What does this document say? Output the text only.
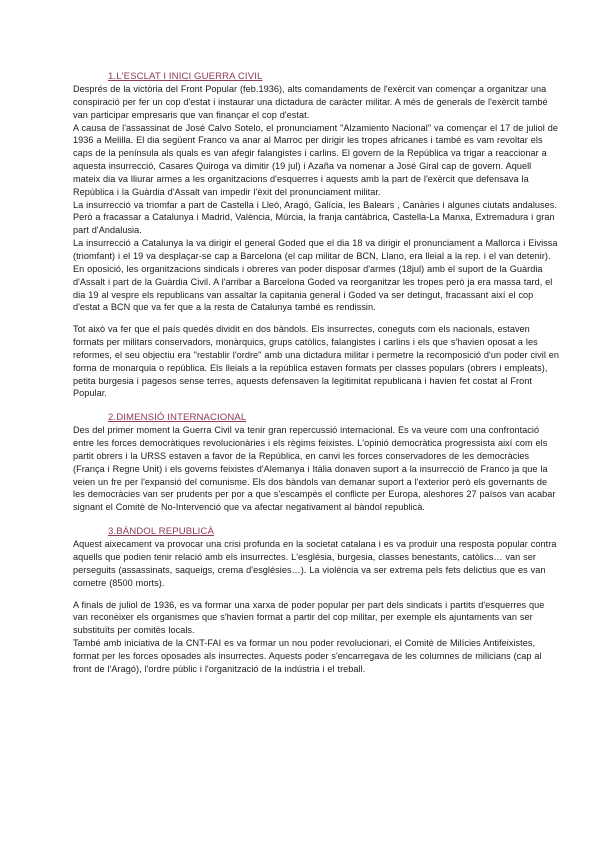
1.L'ESCLAT I INICI GUERRA CIVIL

Després de la victòria del Front Popular (feb.1936), alts comandaments de l'exèrcit van començar a organitzar una conspiració per fer un cop d'estat i instaurar una dictadura de caràcter militar. A més de generals de l'exèrcit també van participar empresaris que van finançar el cop d'estat.

A causa de l'assassinat de José Calvo Sotelo, el pronunciament "Alzamiento Nacional" va començar el 17 de juliol de 1936 a Melilla. El dia següent Franco va anar al Marroc per dirigir les tropes africanes i també es vam revoltar els caps de la península als quals es van afegir falangistes i carlins. El govern de la República va trigar a reaccionar a aquesta insurrecció, Casares Quiroga va dimitir (19 jul) i Azaña va nomenar a José Giral cap de govern. Aquell mateix dia va lliurar armes a les organitzacions d'esquerres i aquests amb la part de l'exèrcit que defensava la República i la Guàrdia d'Assalt van impedir l'èxit del pronunciament militar.

La insurrecció va triomfar a part de Castella i Lleó, Aragó, Galícia, les Balears , Canàries i algunes ciutats andaluses. Però a fracassar a Catalunya i Madrid, València, Múrcia, la franja cantàbrica, Castella-La Manxa, Extremadura i gran part d'Andalusia.

La insurrecció a Catalunya la va dirigir el general Goded que el dia 18 va dirigir el pronunciament a Mallorca i Eivissa (triomfant) i el 19 va desplaçar-se cap a Barcelona (el cap militar de BCN, Llano, era lleial a la rep. i el van detenir). En oposició, les organitzacions sindicals i obreres van poder disposar d'armes (18jul) amb el suport de la Guàrdia d'Assalt i part de la Guàrdia Civil. A l'arribar a Barcelona Goded va reorganitzar les tropes però ja era massa tard, el dia 19 al vespre els republicans van assaltar la capitania general i Goded va ser detingut, fracassant així el cop d'estat a BCN que va fer que a la resta de Catalunya també es rendissin.

Tot això va fer que el país quedés dividit en dos bàndols. Els insurrectes, coneguts com els nacionals, estaven formats per militars conservadors, monàrquics, grups catòlics, falangistes i carlins i els que s'havien oposat a les reformes, el seu objectiu era "restablir l'ordre" amb una dictadura militar i permetre la recomposició d'un poder civil en forma de monarquia o república. Els lleials a la república estaven formats per classes populars (obrers i empleats), petita burgesia i pagesos sense terres, aquests defensaven la legitimitat republicana i havien fet costat al Front Popular.

2.DIMENSIÓ INTERNACIONAL

Des del primer moment la Guerra Civil va tenir gran repercussió internacional. Es va veure com una confrontació entre les forces democràtiques revolucionàries i els règims feixistes. L'opinió democràtica progressista així com els partit obrers i la URSS estaven a favor de la República, en canvi les forces conservadores de les democràcies (França i Regne Unit) i els governs feixistes d'Alemanya i Itàlia donaven suport a la insurrecció de Franco ja que la veien un fre per l'expansió del comunisme. Els dos bàndols van demanar suport a l'exterior però els governants de les democràcies van ser prudents per por a que s'escampés el conflicte per Europa, aleshores 27 països van acabar signant el Comitè de No-Intervenció que va afectar negativament al bàndol republicà.

3.BÀNDOL REPUBLICÀ

Aquest aixecament va provocar una crisi profunda en la societat catalana i es va produir una resposta popular contra aquells que podien tenir relació amb els insurrectes. L'església, burgesia, classes benestants, catòlics… van ser perseguits (assassinats, saqueigs, crema d'esglésies…). La violència va ser extrema pels fets delictius que es van cometre (8500 morts).

A finals de juliol de 1936, es va formar una xarxa de poder popular per part dels sindicats i partits d'esquerres que van reconèixer els organismes que s'havien format a partir del cop militar, per exemple els ajuntaments van ser substituïts per comitès locals.

També amb iniciativa de la CNT-FAI es va formar un nou poder revolucionari, el Comitè de Milícies Antifeixistes, format per les forces oposades als insurrectes. Aquests poder s'encarregava de les columnes de milicians (cap al front de l'Aragó), l'ordre públic i l'organització de la indústria i el treball.
